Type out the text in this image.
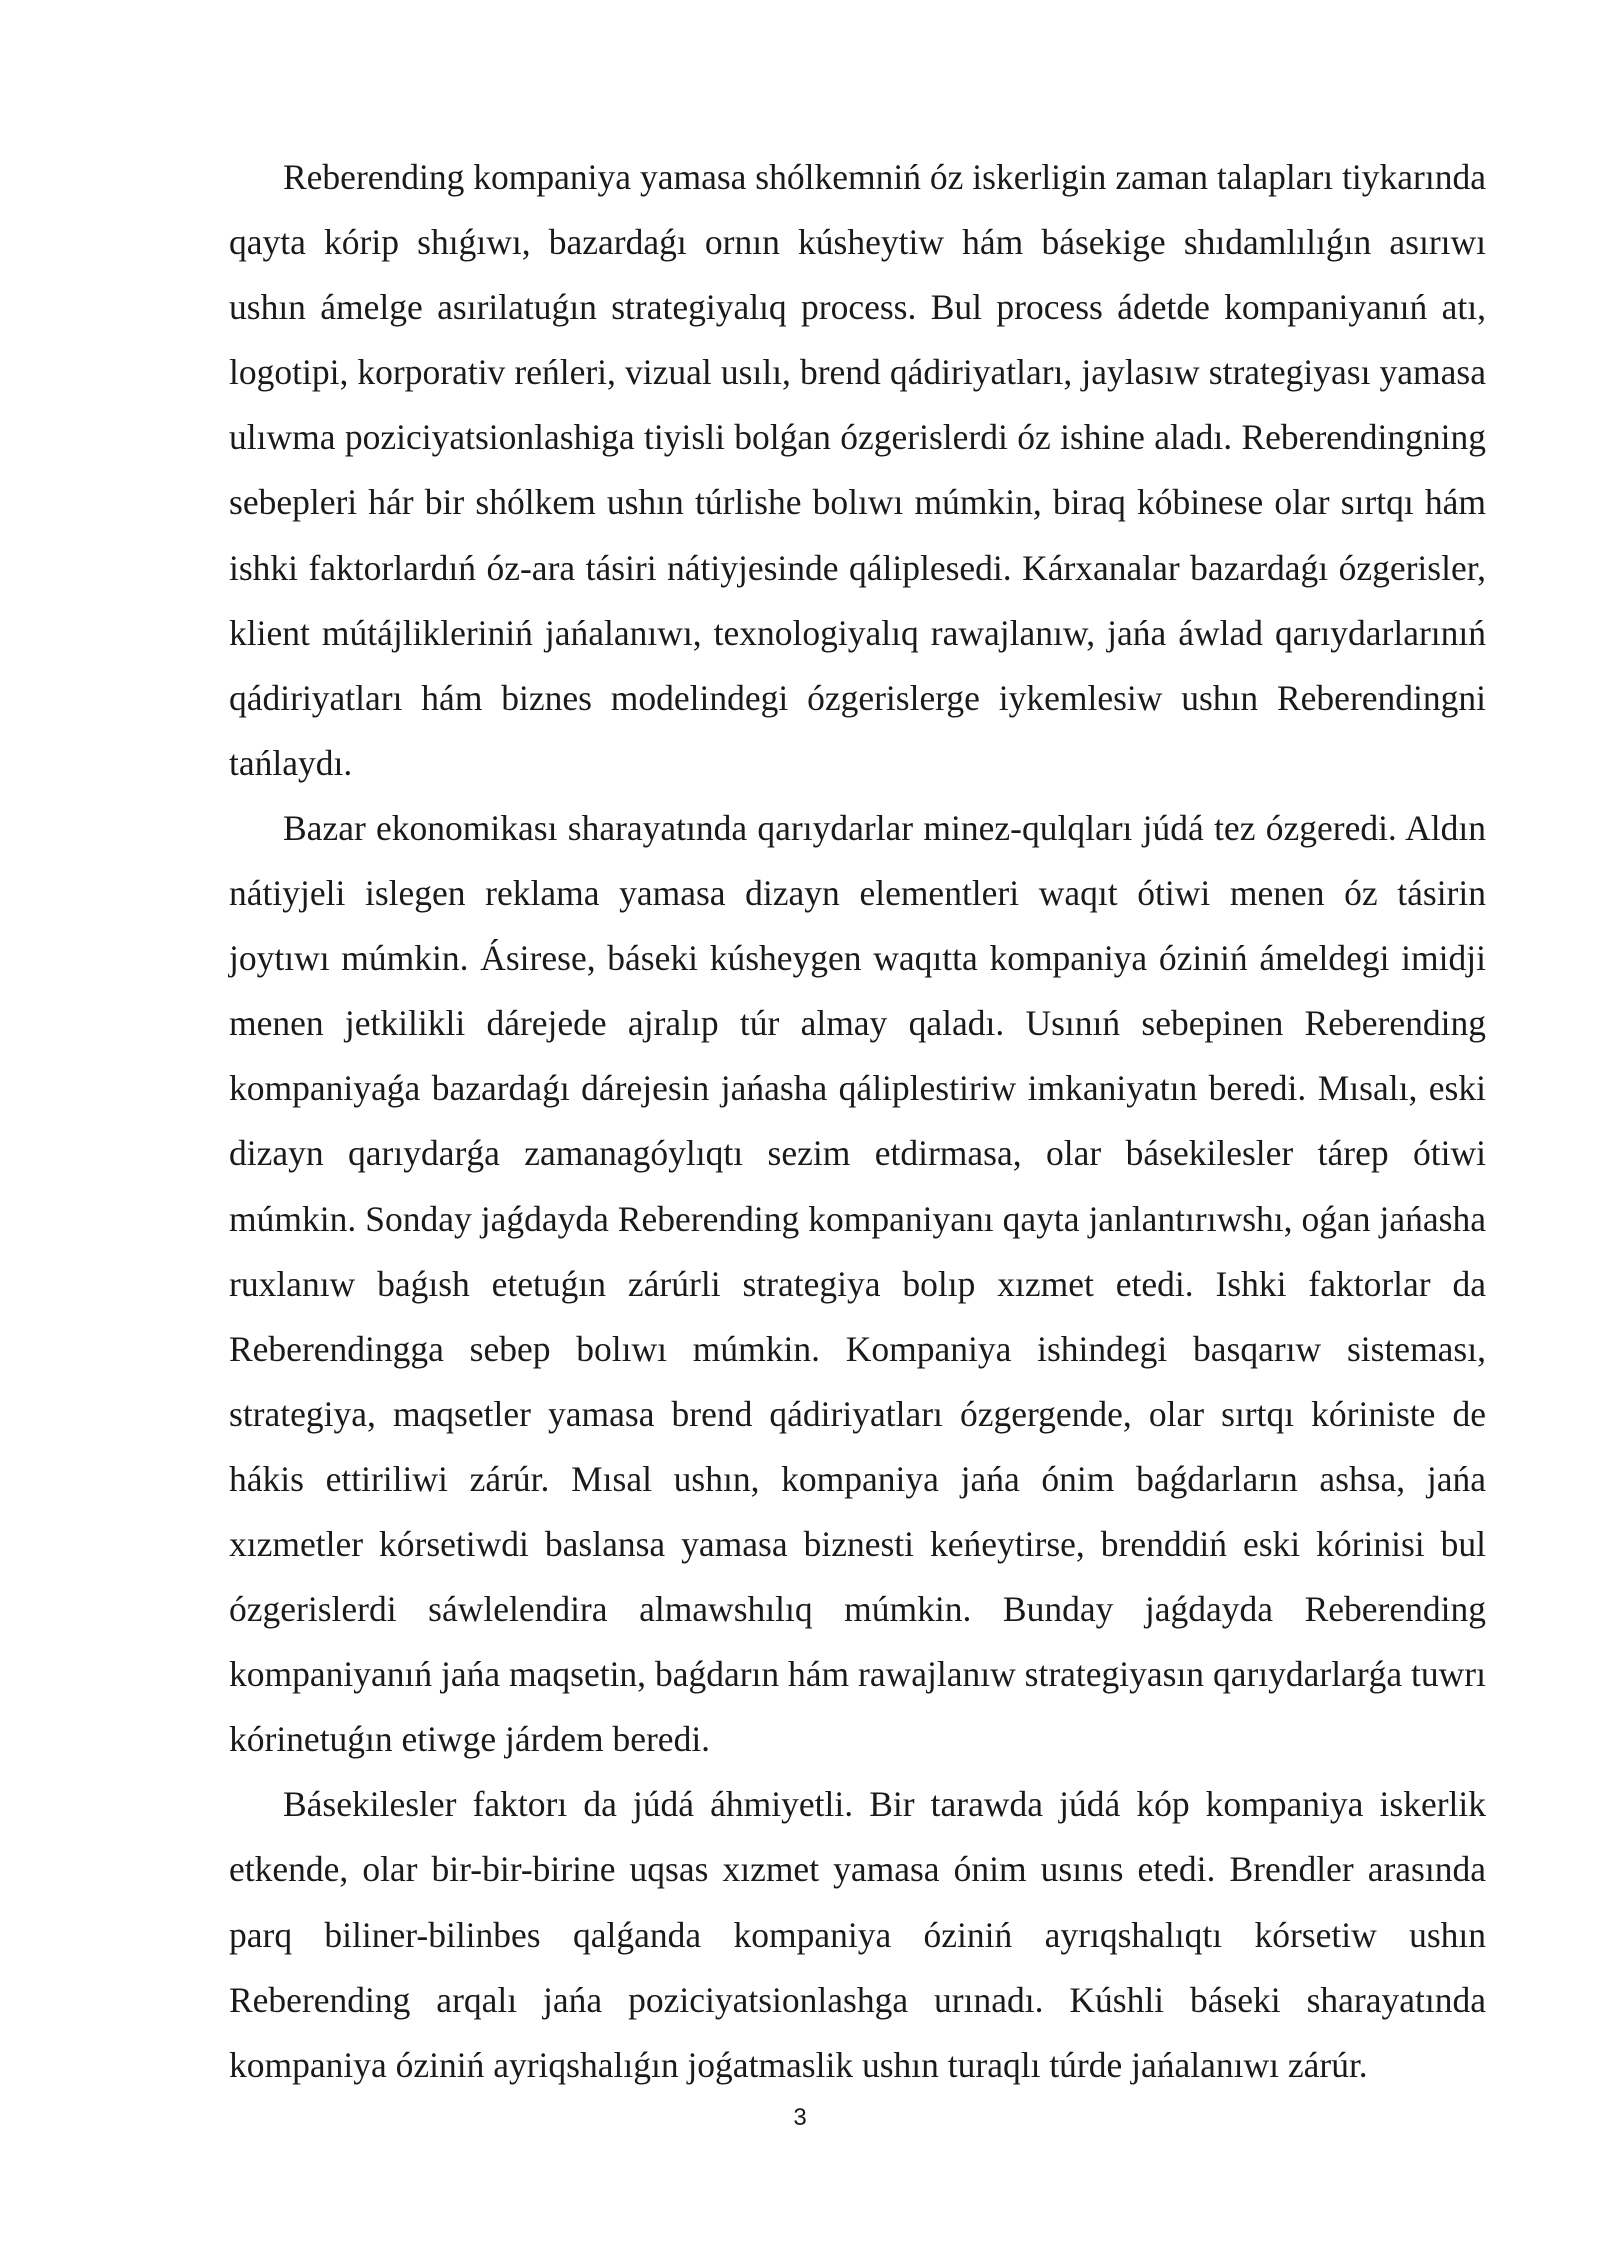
Reberending kompaniya yamasa shólkemniń óz iskerligin zaman talapları tiykarında qayta kórip shıǵıwı, bazardaǵı ornın kúsheytiw hám básekige shıdamlılıǵın asırıwı ushın ámelge asırilatuǵın strategiyalıq process. Bul process ádetde kompaniyanıń atı, logotipi, korporativ reńleri, vizual usılı, brend qádiriyatları, jaylasıw strategiyası yamasa ulıwma poziciyatsionlashiga tiyisli bolǵan ózgerislerdi óz ishine aladı. Reberendingning sebepleri hár bir shólkem ushın túrlishe bolıwı múmkin, biraq kóbinese olar sırtqı hám ishki faktorlardıń óz-ara tásiri nátiyjesinde qáliplesedi. Kárxanalar bazardaǵı ózgerisler, klient mútájlikleriniń jańalanıwı, texnologiyalıq rawajlanıw, jańa áwlad qarıydarlarınıń qádiriyatları hám biznes modelindegi ózgerislerge iykemlesiw ushın Reberendingni tańlaydı.

Bazar ekonomikası sharayatında qarıydarlar minez-qulqları júdá tez ózgeredi. Aldın nátiyjeli islegen reklama yamasa dizayn elementleri waqıt ótiwi menen óz tásirin joytıwı múmkin. Ásirese, báseki kúsheygen waqıtta kompaniya óziniń ámeldegi imidji menen jetkilikli dárejede ajralıp túr almay qaladı. Usınıń sebepinen Reberending kompaniyaǵa bazardaǵı dárejesin jańasha qáliplestiriw imkaniyatın beredi. Mısalı, eski dizayn qarıydarǵa zamanagóylıqtı sezim etdirmasa, olar básekilesler tárep ótiwi múmkin. Sonday jaǵdayda Reberending kompaniyanı qayta janlantırıwshı, oǵan jańasha ruxlanıw baǵısh etetuǵın zárúrli strategiya bolıp xızmet etedi. Ishki faktorlar da Reberendingga sebep bolıwı múmkin. Kompaniya ishindegi basqarıw sisteması, strategiya, maqsetler yamasa brend qádiriyatları ózgergende, olar sırtqı kóriniste de hákis ettiriliwi zárúr. Mısal ushın, kompaniya jańa ónim baǵdarların ashsa, jańa xızmetler kórsetiwdi baslansa yamasa biznesti keńeytirse, brenddiń eski kórinisi bul ózgerislerdi sáwlelendira almawshılıq múmkin. Bunday jaǵdayda Reberending kompaniyanıń jańa maqsetin, baǵdarın hám rawajlanıw strategiyasın qarıydarlarǵa tuwrı kórinetuǵın etiwge járdem beredi.

Básekilesler faktorı da júdá áhmiyetli. Bir tarawda júdá kóp kompaniya iskerlik etkende, olar bir-bir-birine uqsas xızmet yamasa ónim usınıs etedi. Brendler arasında parq biliner-bilinbes qalǵanda kompaniya óziniń ayrıqshalıqtı kórsetiw ushın Reberending arqalı jańa poziciyatsionlashga urınadı. Kúshli báseki sharayatında kompaniya óziniń ayriqshalıǵın joǵatmaslik ushın turaqlı túrde jańalanıwı zárúr.

3
